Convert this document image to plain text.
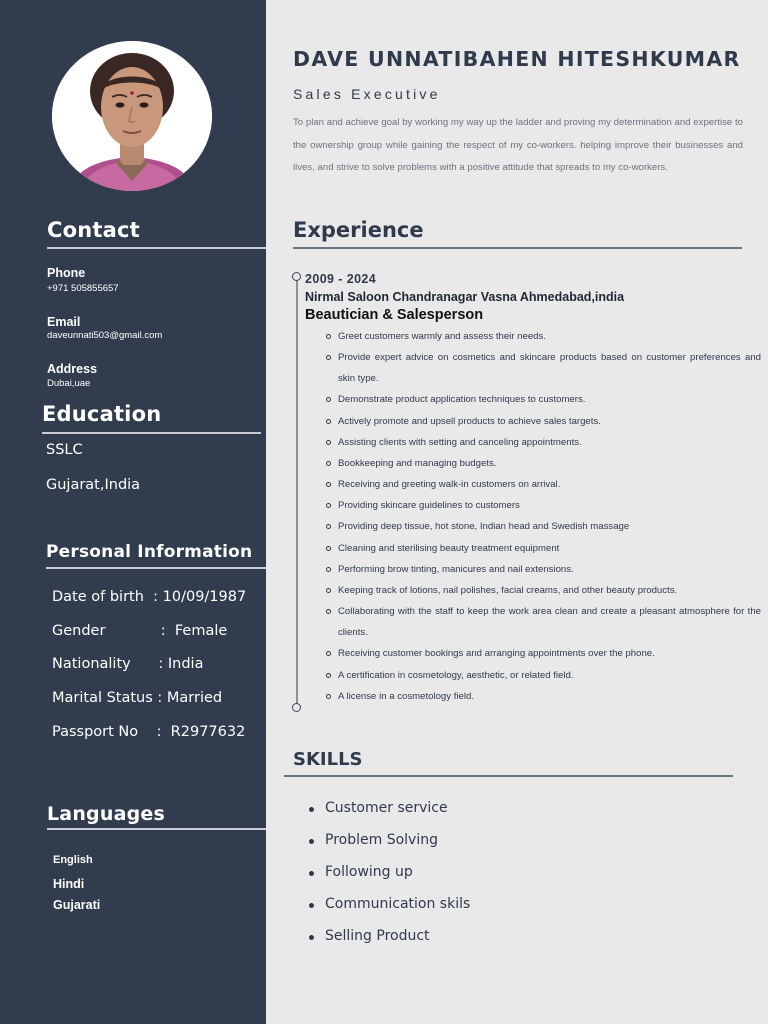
Contact
Phone
+971 505855657
Email
daveunnati503@gmail.com
Address
Dubai,uae
Education
SSLC
Gujarat,India
Personal Information
Date of birth  : 10/09/1987
Gender            :  Female
Nationality      : India
Marital Status : Married
Passport No    :  R2977632
Languages
English
Hindi
Gujarati
DAVE UNNATIBAHEN HITESHKUMAR
Sales Executive
To plan and achieve goal by working my way up the ladder and proving my determination and expertise to the ownership group while gaining the respect of my co-workers. helping improve their businesses and lives, and strive to solve problems with a positive attitude that spreads to my co-workers.
Experience
2009 - 2024
Nirmal Saloon Chandranagar Vasna Ahmedabad,india
Beautician & Salesperson
Greet customers warmly and assess their needs.
Provide expert advice on cosmetics and skincare products based on customer preferences and skin type.
Demonstrate product application techniques to customers.
Actively promote and upsell products to achieve sales targets.
Assisting clients with setting and canceling appointments.
Bookkeeping and managing budgets.
Receiving and greeting walk-in customers on arrival.
Providing skincare guidelines to customers
Providing deep tissue, hot stone, Indian head and Swedish massage
Cleaning and sterilising beauty treatment equipment
Performing brow tinting, manicures and nail extensions.
Keeping track of lotions, nail polishes, facial creams, and other beauty products.
Collaborating with the staff to keep the work area clean and create a pleasant atmosphere for the clients.
Receiving customer bookings and arranging appointments over the phone.
A certification in cosmetology, aesthetic, or related field.
A license in a cosmetology field.
SKILLS
Customer service
Problem Solving
Following up
Communication skils
Selling Product
